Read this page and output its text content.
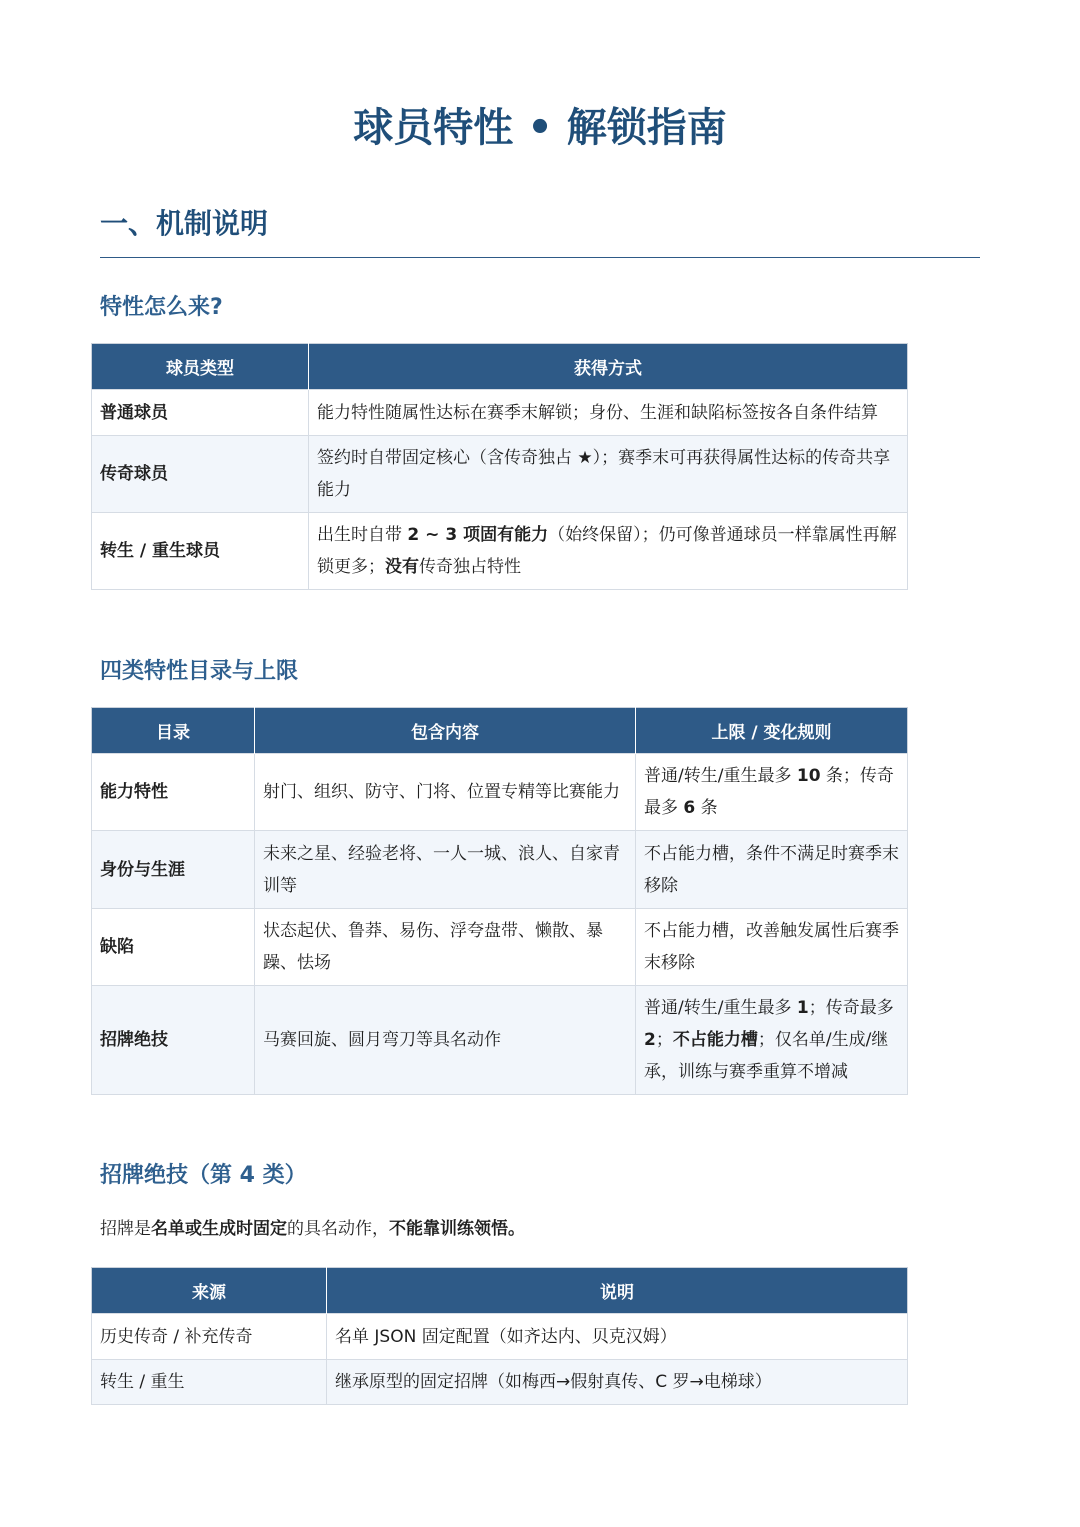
球员特性 • 解锁指南
一、机制说明
特性怎么来?
球员类型	获得方式
普通球员	能力特性随属性达标在赛季末解锁；身份、生涯和缺陷标签按各自条件结算
传奇球员	签约时自带固定核心（含传奇独占 ★）；赛季末可再获得属性达标的传奇共享能力
转生 / 重生球员	出生时自带 2 ~ 3 项固有能力（始终保留）；仍可像普通球员一样靠属性再解锁更多；没有传奇独占特性
四类特性目录与上限
目录	包含内容	上限 / 变化规则
能力特性	射门、组织、防守、门将、位置专精等比赛能力	普通/转生/重生最多 10 条；传奇最多 6 条
身份与生涯	未来之星、经验老将、一人一城、浪人、自家青训等	不占能力槽，条件不满足时赛季末移除
缺陷	状态起伏、鲁莽、易伤、浮夸盘带、懒散、暴躁、怯场	不占能力槽，改善触发属性后赛季末移除
招牌绝技	马赛回旋、圆月弯刀等具名动作	普通/转生/重生最多 1；传奇最多 2；不占能力槽；仅名单/生成/继承，训练与赛季重算不增减
招牌绝技（第 4 类）

招牌是名单或生成时固定的具名动作，不能靠训练领悟。

来源	说明
历史传奇 / 补充传奇	名单 JSON 固定配置（如齐达内、贝克汉姆）
转生 / 重生	继承原型的固定招牌（如梅西→假射真传、C 罗→电梯球）
